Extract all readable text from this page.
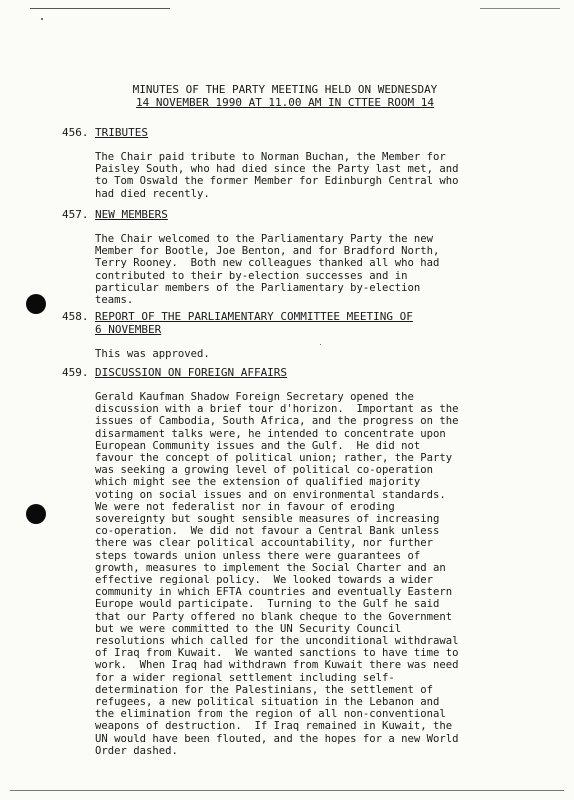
MINUTES OF THE PARTY MEETING HELD ON WEDNESDAY
14 NOVEMBER 1990 AT 11.00 AM IN CTTEE ROOM 14
456. TRIBUTES
The Chair paid tribute to Norman Buchan, the Member for
Paisley South, who had died since the Party last met, and
to Tom Oswald the former Member for Edinburgh Central who
had died recently.
457. NEW MEMBERS
The Chair welcomed to the Parliamentary Party the new
Member for Bootle, Joe Benton, and for Bradford North,
Terry Rooney.  Both new colleagues thanked all who had
contributed to their by-election successes and in
particular members of the Parliamentary by-election
teams.
458. REPORT OF THE PARLIAMENTARY COMMITTEE MEETING OF
6 NOVEMBER
This was approved.
459. DISCUSSION ON FOREIGN AFFAIRS
Gerald Kaufman Shadow Foreign Secretary opened the
discussion with a brief tour d'horizon.  Important as the
issues of Cambodia, South Africa, and the progress on the
disarmament talks were, he intended to concentrate upon
European Community issues and the Gulf.  He did not
favour the concept of political union; rather, the Party
was seeking a growing level of political co-operation
which might see the extension of qualified majority
voting on social issues and on environmental standards.
We were not federalist nor in favour of eroding
sovereignty but sought sensible measures of increasing
co-operation.  We did not favour a Central Bank unless
there was clear political accountability, nor further
steps towards union unless there were guarantees of
growth, measures to implement the Social Charter and an
effective regional policy.  We looked towards a wider
community in which EFTA countries and eventually Eastern
Europe would participate.  Turning to the Gulf he said
that our Party offered no blank cheque to the Government
but we were committed to the UN Security Council
resolutions which called for the unconditional withdrawal
of Iraq from Kuwait.  We wanted sanctions to have time to
work.  When Iraq had withdrawn from Kuwait there was need
for a wider regional settlement including self-
determination for the Palestinians, the settlement of
refugees, a new political situation in the Lebanon and
the elimination from the region of all non-conventional
weapons of destruction.  If Iraq remained in Kuwait, the
UN would have been flouted, and the hopes for a new World
Order dashed.
